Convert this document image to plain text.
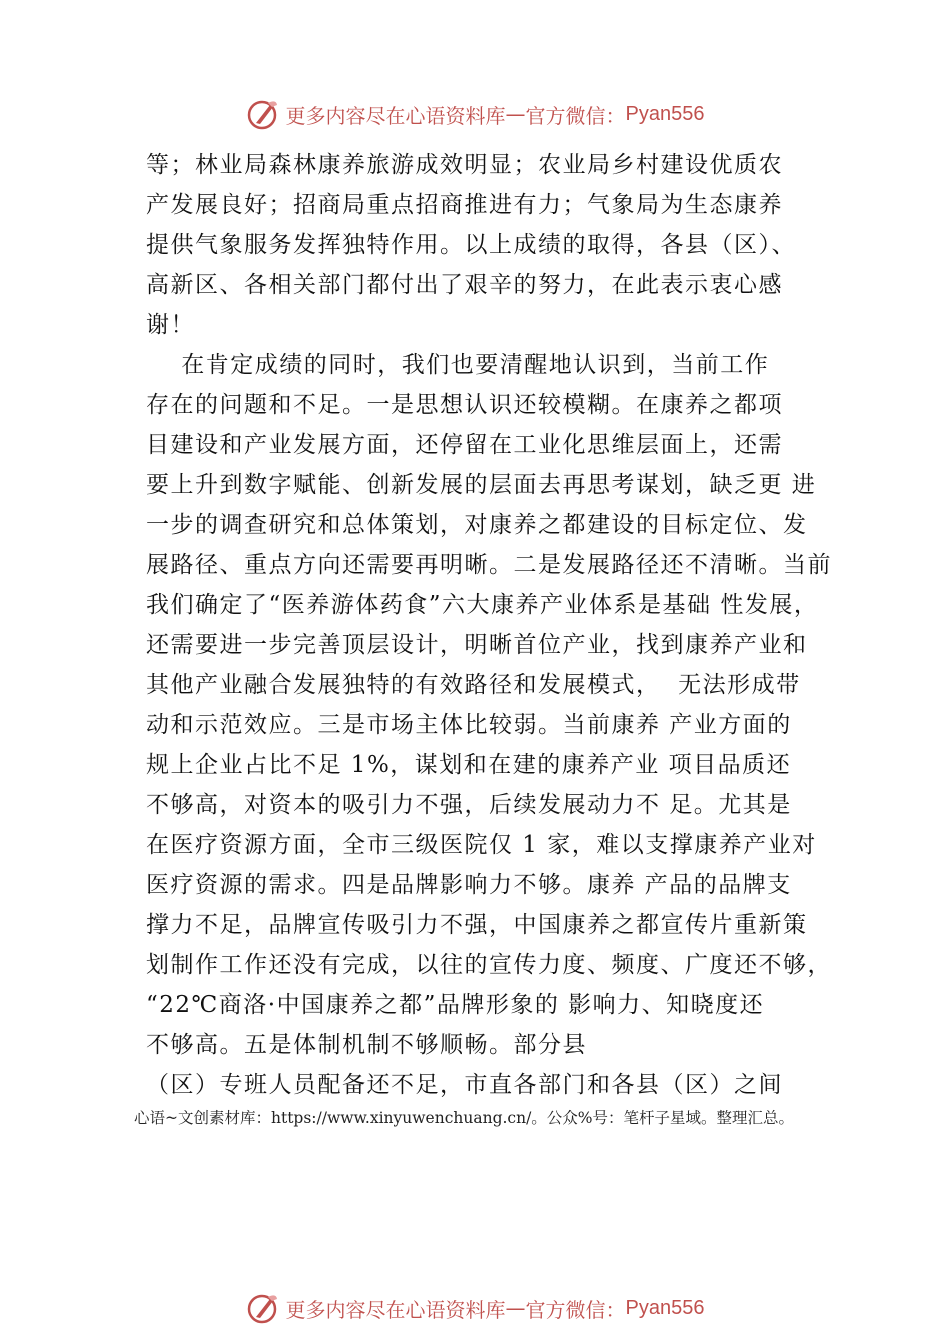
更多内容尽在心语资料库 — 官方微信： Pyan556
等；林业局森林康养旅游成效明显；农业局乡村建设优质农
产发展良好；招商局重点招商推进有力；气象局为生态康养
提供气象服务发挥独特作用。以上成绩的取得，各县（区）、
高新区、各相关部门都付出了艰辛的努力，在此表示衷心感
谢！
在肯定成绩的同时，我们也要清醒地认识到，当前工作
存在的问题和不足。一是思想认识还较模糊。在康养之都项
目建设和产业发展方面，还停留在工业化思维层面上，还需
要上升到数字赋能、创新发展的层面去再思考谋划，缺乏更 进
一步的调查研究和总体策划，对康养之都建设的目标定位、发
展路径、重点方向还需要再明晰。二是发展路径还不清晰。当前
我们确定了“医养游体药食”六大康养产业体系是基础 性发展，
还需要进一步完善顶层设计，明晰首位产业，找到康养产业和
其他产业融合发展独特的有效路径和发展模式，  无法形成带
动和示范效应。三是市场主体比较弱。当前康养 产业方面的
规上企业占比不足 1%，谋划和在建的康养产业 项目品质还
不够高，对资本的吸引力不强，后续发展动力不 足。尤其是
在医疗资源方面，全市三级医院仅 1 家，难以支撑康养产业对
医疗资源的需求。四是品牌影响力不够。康养 产品的品牌支
撑力不足，品牌宣传吸引力不强，中国康养之都宣传片重新策
划制作工作还没有完成，以往的宣传力度、频度、广度还不够，
“22℃商洛·中国康养之都”品牌形象的 影响力、知晓度还
不够高。五是体制机制不够顺畅。部分县
（区）专班人员配备还不足，市直各部门和各县（区）之间
心语~文创素材库：https://www.xinyuwenchuang.cn/。公众%号：笔杆子星域。整理汇总。
更多内容尽在心语资料库 — 官方微信： Pyan556
